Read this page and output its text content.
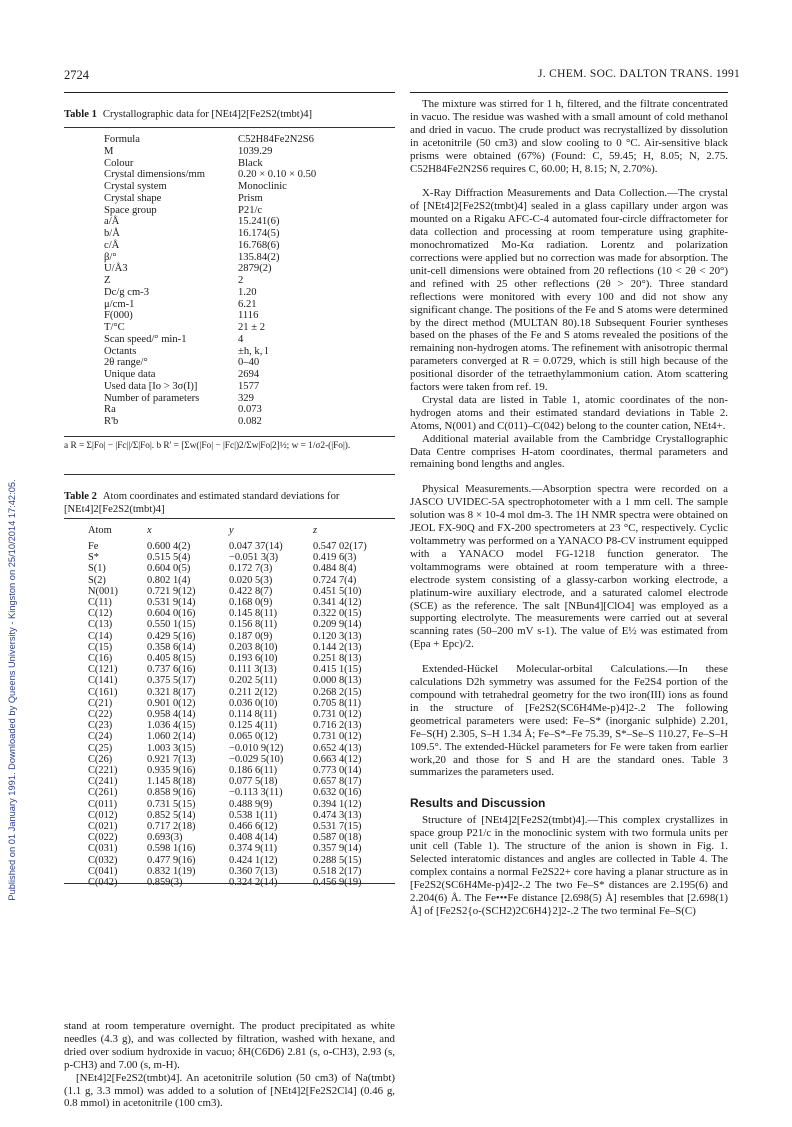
Published on 01 January 1991. Downloaded by Queens University - Kingston on 25/10/2014 17:42:05.
2724	J. CHEM. SOC. DALTON TRANS. 1991
Table 1 Crystallographic data for [NEt4]2[Fe2S2(tmbt)4]
Formula	C52H84Fe2N2S6
M	1039.29
Colour	Black
Crystal dimensions/mm	0.20 × 0.10 × 0.50
Crystal system	Monoclinic
Crystal shape	Prism
Space group	P21/c
a/Å	15.241(6)
b/Å	16.174(5)
c/Å	16.768(6)
β/°	135.84(2)
U/Å3	2879(2)
Z	2
Dc/g cm-3	1.20
μ/cm-1	6.21
F(000)	1116
T/°C	21 ± 2
Scan speed/° min-1	4
Octants	±h, k, l
2θ range/°	0–40
Unique data	2694
Used data [Io > 3σ(I)]	1577
Number of parameters	329
Ra	0.073
R'b	0.082
a R = Σ|Fo| − |Fc||/Σ|Fo|. b R' = [Σw(|Fo| − |Fc|)2/Σw|Fo|2]½; w = 1/σ2-(|Fo|).
Table 2 Atom coordinates and estimated standard deviations for [NEt4]2[Fe2S2(tmbt)4]
Atom	x	y	z
Fe	0.600 4(2)	0.047 37(14)	0.547 02(17)
S*	0.515 5(4)	−0.051 3(3)	0.419 6(3)
S(1)	0.604 0(5)	0.172 7(3)	0.484 8(4)
S(2)	0.802 1(4)	0.020 5(3)	0.724 7(4)
N(001)	0.721 9(12)	0.422 8(7)	0.451 5(10)
C(11)	0.531 9(14)	0.168 0(9)	0.341 4(12)
C(12)	0.604 0(16)	0.145 8(11)	0.322 0(15)
C(13)	0.550 1(15)	0.156 8(11)	0.209 9(14)
C(14)	0.429 5(16)	0.187 0(9)	0.120 3(13)
C(15)	0.358 6(14)	0.203 8(10)	0.144 2(13)
C(16)	0.405 8(15)	0.193 6(10)	0.251 8(13)
C(121)	0.737 6(16)	0.111 3(13)	0.415 1(15)
C(141)	0.375 5(17)	0.202 5(11)	0.000 8(13)
C(161)	0.321 8(17)	0.211 2(12)	0.268 2(15)
C(21)	0.901 0(12)	0.036 0(10)	0.705 8(11)
C(22)	0.958 4(14)	0.114 8(11)	0.731 0(12)
C(23)	1.036 4(15)	0.125 4(11)	0.716 2(13)
C(24)	1.060 2(14)	0.065 0(12)	0.731 0(12)
C(25)	1.003 3(15)	−0.010 9(12)	0.652 4(13)
C(26)	0.921 7(13)	−0.029 5(10)	0.663 4(12)
C(221)	0.935 9(16)	0.186 6(11)	0.773 0(14)
C(241)	1.145 8(18)	0.077 5(18)	0.657 8(17)
C(261)	0.858 9(16)	−0.113 3(11)	0.632 0(16)
C(011)	0.731 5(15)	0.488 9(9)	0.394 1(12)
C(012)	0.852 5(14)	0.538 1(11)	0.474 3(13)
C(021)	0.717 2(18)	0.466 6(12)	0.531 7(15)
C(022)	0.693(3)	0.408 4(14)	0.587 0(18)
C(031)	0.598 1(16)	0.374 9(11)	0.357 9(14)
C(032)	0.477 9(16)	0.424 1(12)	0.288 5(15)
C(041)	0.832 1(19)	0.360 7(13)	0.518 2(17)
C(042)	0.859(3)	0.324 2(14)	0.456 9(19)

stand at room temperature overnight. The product precipitated as white needles (4.3 g), and was collected by filtration, washed with hexane, and dried over sodium hydroxide in vacuo; δH(C6D6) 2.81 (s, o-CH3), 2.93 (s, p-CH3) and 7.00 (s, m-H).

[NEt4]2[Fe2S2(tmbt)4]. An acetonitrile solution (50 cm3) of Na(tmbt) (1.1 g, 3.3 mmol) was added to a solution of [NEt4]2[Fe2S2Cl4] (0.46 g, 0.8 mmol) in acetonitrile (100 cm3).

The mixture was stirred for 1 h, filtered, and the filtrate concentrated in vacuo. The residue was washed with a small amount of cold methanol and dried in vacuo. The crude product was recrystallized by dissolution in acetonitrile (50 cm3) and slow cooling to 0 °C. Air-sensitive black prisms were obtained (67%) (Found: C, 59.45; H, 8.05; N, 2.75. C52H84Fe2N2S6 requires C, 60.00; H, 8.15; N, 2.70%).

X-Ray Diffraction Measurements and Data Collection.—The crystal of [NEt4]2[Fe2S2(tmbt)4] sealed in a glass capillary under argon was mounted on a Rigaku AFC-C-4 automated four-circle diffractometer for data collection and processing at room temperature using graphite-monochromatized Mo-Kα radiation. Lorentz and polarization corrections were applied but no correction was made for absorption. The unit-cell dimensions were obtained from 20 reflections (10 < 2θ < 20°) and refined with 25 other reflections (2θ > 20°). Three standard reflections were monitored with every 100 and did not show any significant change. The positions of the Fe and S atoms were determined by the direct method (MULTAN 80).18 Subsequent Fourier syntheses based on the phases of the Fe and S atoms revealed the positions of the remaining non-hydrogen atoms. The refinement with anisotropic thermal parameters converged at R = 0.0729, which is still high because of the positional disorder of the tetraethylammonium cation. Atom scattering factors were taken from ref. 19.

Crystal data are listed in Table 1, atomic coordinates of the non-hydrogen atoms and their estimated standard deviations in Table 2. Atoms, N(001) and C(011)–C(042) belong to the counter cation, NEt4+.

Additional material available from the Cambridge Crystallographic Data Centre comprises H-atom coordinates, thermal parameters and remaining bond lengths and angles.

Physical Measurements.—Absorption spectra were recorded on a JASCO UVIDEC-5A spectrophotometer with a 1 mm cell. The sample solution was 8 × 10-4 mol dm-3. The 1H NMR spectra were obtained on JEOL FX-90Q and FX-200 spectrometers at 23 °C, respectively. Cyclic voltammetry was performed on a YANACO P8-CV instrument equipped with a YANACO model FG-1218 function generator. The voltammograms were obtained at room temperature with a three-electrode system consisting of a glassy-carbon working electrode, a platinum-wire auxiliary electrode, and a saturated calomel electrode (SCE) as the reference. The salt [NBun4][ClO4] was employed as a supporting electrolyte. The measurements were carried out at several scanning rates (50–200 mV s-1). The value of E½ was estimated from (Epa + Epc)/2.

Extended-Hückel Molecular-orbital Calculations.—In these calculations D2h symmetry was assumed for the Fe2S4 portion of the compound with tetrahedral geometry for the two iron(III) ions as found in the structure of [Fe2S2(SC6H4Me-p)4]2-.2 The following geometrical parameters were used: Fe–S* (inorganic sulphide) 2.201, Fe–S(H) 2.305, S–H 1.34 Å; Fe–S*–Fe 75.39, S*–Se–S 110.27, Fe–S–H 109.5°. The extended-Hückel parameters for Fe were taken from earlier work,20 and those for S and H are the standard ones. Table 3 summarizes the parameters used.

Results and Discussion

Structure of [NEt4]2[Fe2S2(tmbt)4].—This complex crystallizes in space group P21/c in the monoclinic system with two formula units per unit cell (Table 1). The structure of the anion is shown in Fig. 1. Selected interatomic distances and angles are collected in Table 4. The complex contains a normal Fe2S22+ core having a planar structure as in [Fe2S2(SC6H4Me-p)4]2-.2 The two Fe–S* distances are 2.195(6) and 2.204(6) Å. The Fe•••Fe distance [2.698(5) Å] resembles that [2.698(1) Å] of [Fe2S2{o-(SCH2)2C6H4}2]2-.2 The two terminal Fe–S(C)
